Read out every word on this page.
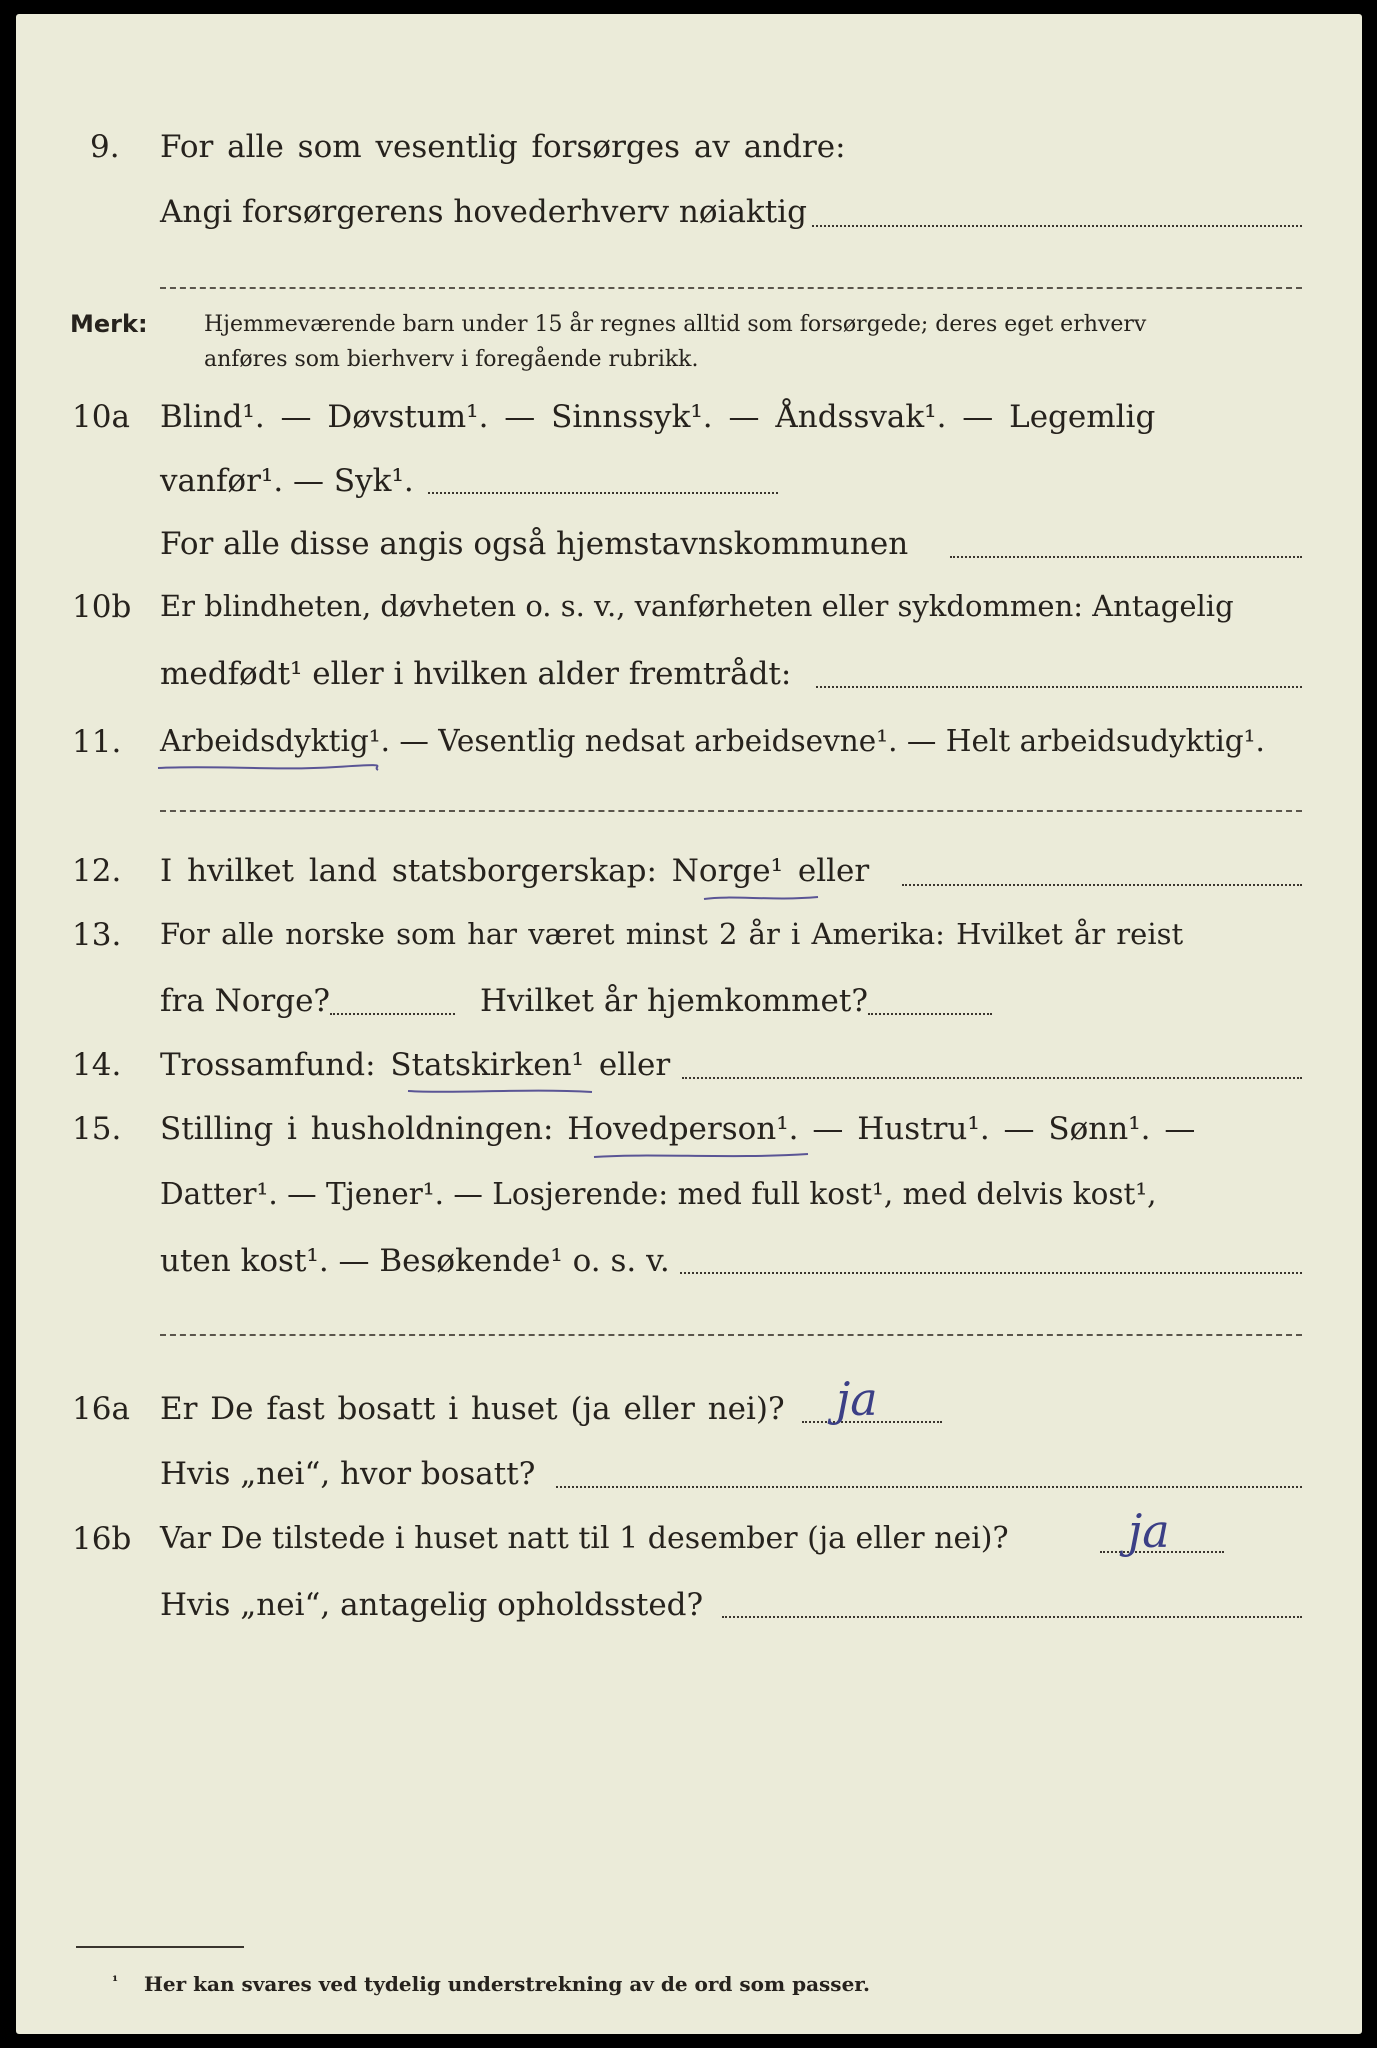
9. For alle som vesentlig forsørges av andre:
Angi forsørgerens hovederhverv nøiaktig
Merk:	Hjemmeværende barn under 15 år regnes alltid som forsørgede; deres eget erhverv
anføres som bierhverv i foregående rubrikk.
10a Blind¹. — Døvstum¹. — Sinnssyk¹. — Åndssvak¹. — Legemlig
vanfør¹. — Syk¹.
For alle disse angis også hjemstavnskommunen
10b Er blindheten, døvheten o. s. v., vanførheten eller sykdommen: Antagelig
medfødt¹ eller i hvilken alder fremtrådt:
11. Arbeidsdyktig¹. — Vesentlig nedsat arbeidsevne¹. — Helt arbeidsudyktig¹.
12. I hvilket land statsborgerskap: Norge¹ eller
13. For alle norske som har været minst 2 år i Amerika: Hvilket år reist
fra Norge?	Hvilket år hjemkommet?
14. Trossamfund: Statskirken¹ eller
15. Stilling i husholdningen: Hovedperson¹. — Hustru¹. — Sønn¹. —
Datter¹. — Tjener¹. — Losjerende: med full kost¹, med delvis kost¹,
uten kost¹. — Besøkende¹ o. s. v.
16a Er De fast bosatt i huset (ja eller nei)? ja
Hvis „nei“, hvor bosatt?
16b Var De tilstede i huset natt til 1 desember (ja eller nei)?	ja
Hvis „nei“, antagelig opholdssted?
¹ Her kan svares ved tydelig understrekning av de ord som passer.
